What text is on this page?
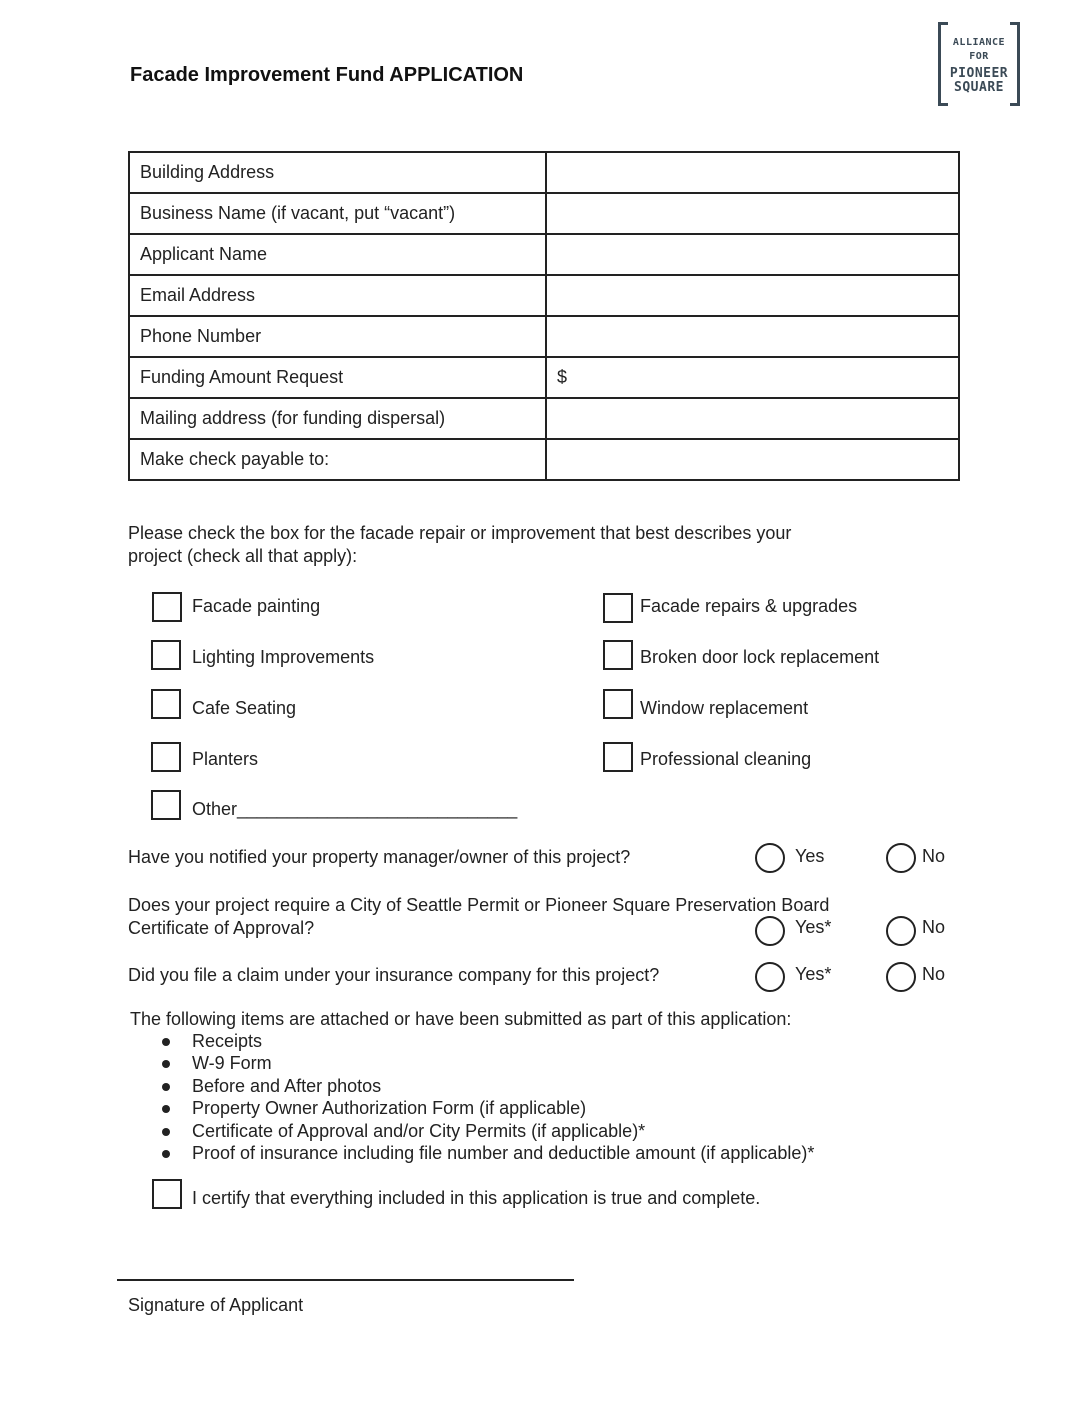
Facade Improvement Fund APPLICATION
ALLIANCE
FOR
PIONEER
SQUARE
Building Address	
Business Name (if vacant, put “vacant”)	
Applicant Name	
Email Address	
Phone Number	
Funding Amount Request	$
Mailing address (for funding dispersal)	
Make check payable to:	
Please check the box for the facade repair or improvement that best describes your
project (check all that apply):
Facade painting
Lighting Improvements
Cafe Seating
Planters
Other____________________________
Facade repairs & upgrades
Broken door lock replacement
Window replacement
Professional cleaning
Have you notified your property manager/owner of this project?	Yes	No
Does your project require a City of Seattle Permit or Pioneer Square Preservation Board
Certificate of Approval?	Yes*	No
Did you file a claim under your insurance company for this project?	Yes*	No
The following items are attached or have been submitted as part of this application:
Receipts
W-9 Form
Before and After photos
Property Owner Authorization Form (if applicable)
Certificate of Approval and/or City Permits (if applicable)*
Proof of insurance including file number and deductible amount (if applicable)*
I certify that everything included in this application is true and complete.
Signature of Applicant
